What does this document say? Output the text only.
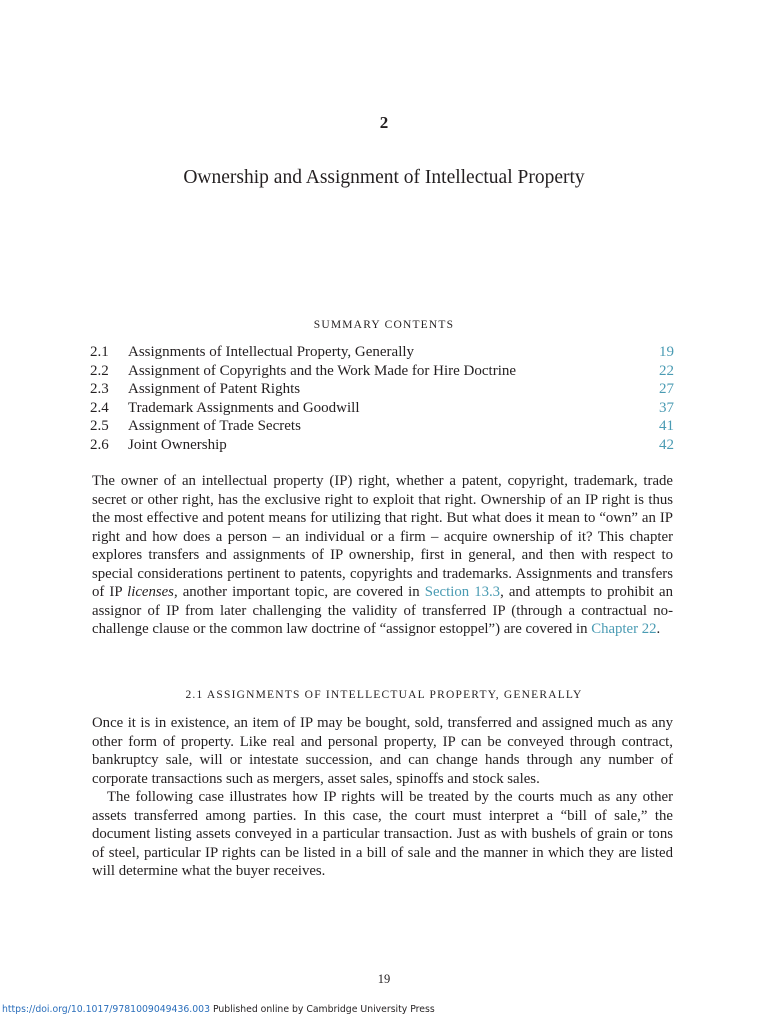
2
Ownership and Assignment of Intellectual Property
SUMMARY CONTENTS
2.1 Assignments of Intellectual Property, Generally	19
2.2 Assignment of Copyrights and the Work Made for Hire Doctrine	22
2.3 Assignment of Patent Rights	27
2.4 Trademark Assignments and Goodwill	37
2.5 Assignment of Trade Secrets	41
2.6 Joint Ownership	42

The owner of an intellectual property (IP) right, whether a patent, copyright, trademark, trade secret or other right, has the exclusive right to exploit that right. Ownership of an IP right is thus the most effective and potent means for utilizing that right. But what does it mean to “own” an IP right and how does a person – an individual or a firm – acquire ownership of it? This chapter explores transfers and assignments of IP ownership, first in general, and then with respect to special considerations pertinent to patents, copyrights and trademarks. Assignments and transfers of IP licenses, another important topic, are covered in Section 13.3, and attempts to prohibit an assignor of IP from later challenging the validity of transferred IP (through a contractual no-challenge clause or the common law doctrine of “assignor estoppel”) are covered in Chapter 22.

2.1 ASSIGNMENTS OF INTELLECTUAL PROPERTY, GENERALLY

Once it is in existence, an item of IP may be bought, sold, transferred and assigned much as any other form of property. Like real and personal property, IP can be conveyed through contract, bankruptcy sale, will or intestate succession, and can change hands through any number of corporate transactions such as mergers, asset sales, spinoffs and stock sales.

The following case illustrates how IP rights will be treated by the courts much as any other assets transferred among parties. In this case, the court must interpret a “bill of sale,” the document listing assets conveyed in a particular transaction. Just as with bushels of grain or tons of steel, particular IP rights can be listed in a bill of sale and the manner in which they are listed will determine what the buyer receives.

19
https://doi.org/10.1017/9781009049436.003 Published online by Cambridge University Press
